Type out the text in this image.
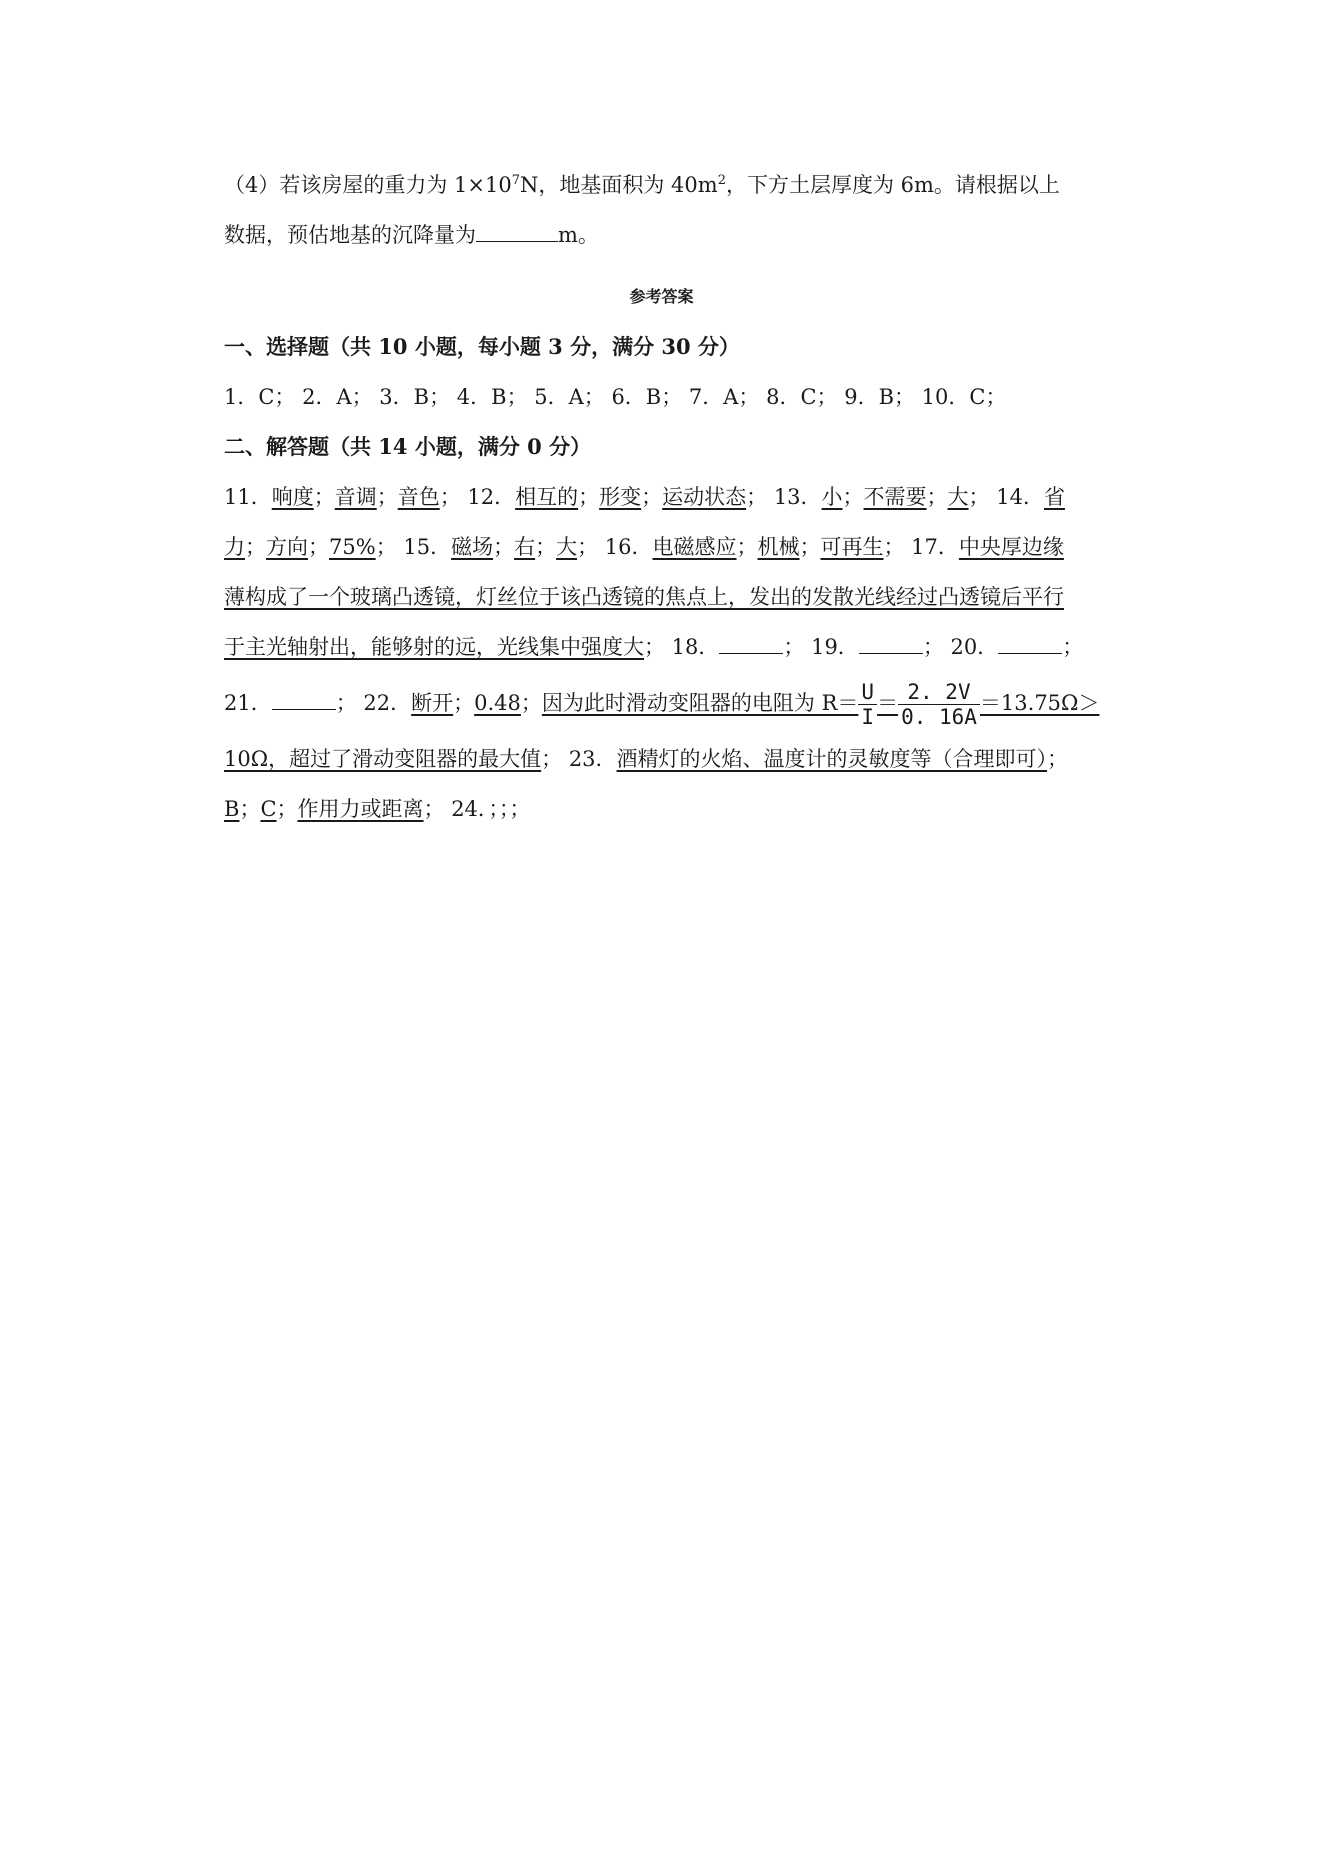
（4）若该房屋的重力为 $1\times 10^7N$，地基面积为 $40m^2$，下方土层厚度为 6m。请根据以上
数据，预估地基的沉降量为	m。
参考答案
一、选择题（共 10 小题，每小题 3 分，满分 30 分）
1．C； 2．A； 3．B； 4．B； 5．A； 6．B； 7．A； 8．C； 9．B； 10．C；
二、解答题（共 14 小题，满分 0 分）
11．响度；音调；音色； 12．相互的；形变；运动状态； 13．小；不需要；大； 14．省
力；方向；75%； 15．磁场；右；大； 16．电磁感应；机械；可再生； 17．中央厚边缘
薄构成了一个玻璃凸透镜，灯丝位于该凸透镜的焦点上，发出的发散光线经过凸透镜后平行
于主光轴射出，能够射的远，光线集中强度大； 18．	； 19．	； 20．	；
21．	； 22．断开；0.48；因为此时滑动变阻器的电阻为 $R= \frac{U}{I} = \frac{2. 2V}{0. 16A} =13.75\Omega>$
10Ω，超过了滑动变阻器的最大值； 23．酒精灯的火焰、温度计的灵敏度等（合理即可）；
B；C；作用力或距离； 24．；；；
